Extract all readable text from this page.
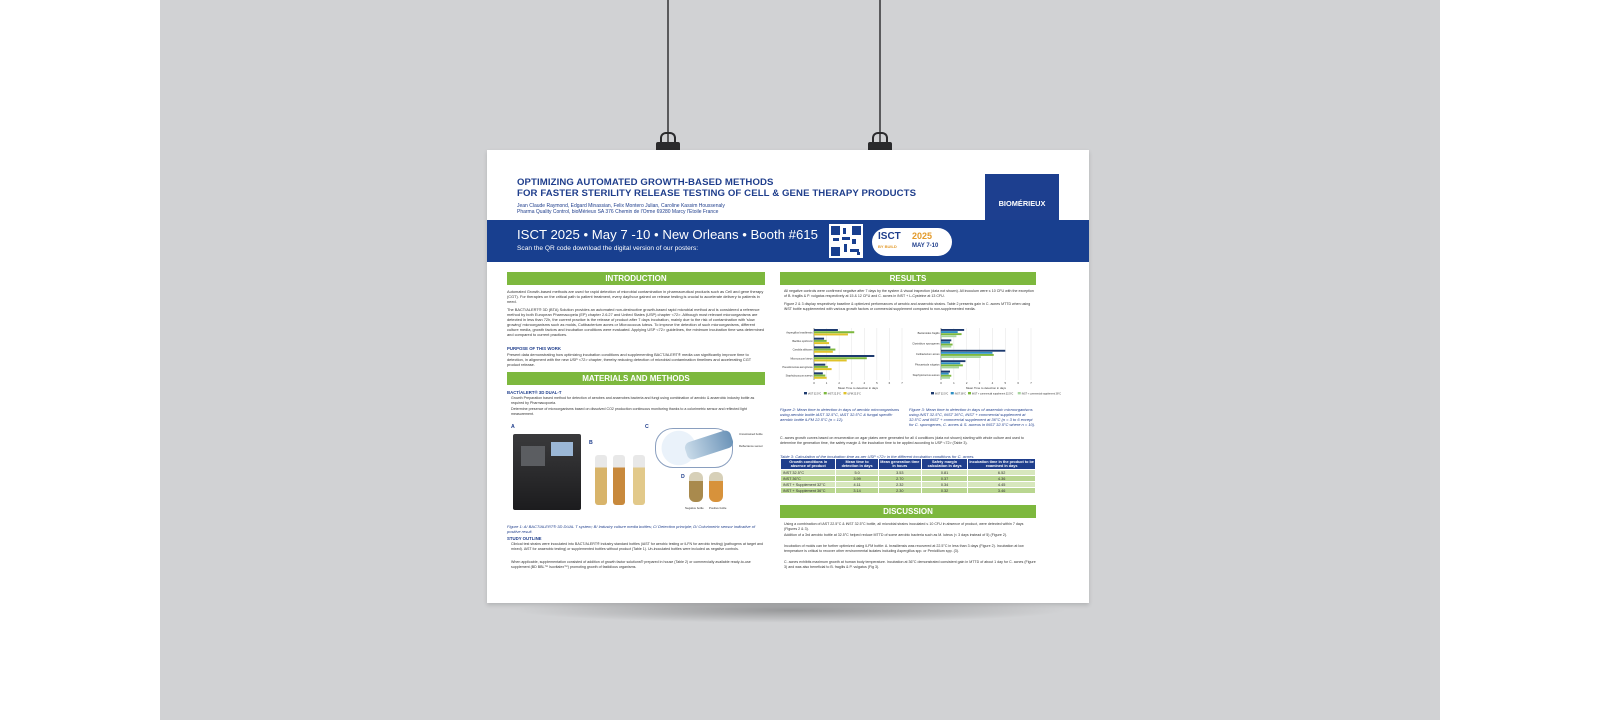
OPTIMIZING AUTOMATED GROWTH-BASED METHODS
FOR FASTER STERILITY RELEASE TESTING OF CELL & GENE THERAPY PRODUCTS
Jean Claude Raymond, Edgard Minassian, Felix Montero Julian, Caroline Kassim Houssenaly
Pharma Quality Control, bioMérieux SA 376 Chemin de l'Orme 69280 Marcy l'Etoile France
BIOMÉRIEUX
ISCT 2025 • May 7 -10 • New Orleans • Booth #615
Scan the QR code download the digital version of our posters:
ISCT
BY BUILD
2025
MAY 7-10
INTRODUCTION

Automated Growth-based methods are used for rapid detection of microbial contamination in pharmaceutical products such as Cell and gene therapy (CGT). For therapies on the critical path to patient treatment, every day/hour gained on release testing is crucial to accelerate delivery to patients in need.

The BACT/ALERT® 3D (BTA) Solution provides an automated non-destructive growth-based rapid microbial method and is considered a reference method by both European Pharmacopeia (EP) chapter 2.6.27 and United States (USP) chapter <72>. Although most relevant microorganisms are detected in less than 72h, the current practice is the release of product after 7 days incubation, mainly due to the risk of contamination with 'slow growing' microorganisms such as molds, Cutibacterium acnes or Micrococcus luteus. To improve the detection of such microorganisms, different culture media, growth factors and incubation conditions were evaluated. Applying USP <72> guidelines, the minimum incubation time was determined and compared to current practices.

PURPOSE OF THIS WORK

Present data demonstrating how optimizing incubation conditions and supplementing BACT/ALERT® media can significantly improve time to detection, in alignment with the new USP <72> chapter, thereby reducing detection of microbial contamination timelines and accelerating CGT product release.

MATERIALS AND METHODS
BACT/ALERT® 3D DUAL-T

Growth Preparation based method for detection of aerobes and anaerobes bacteria and fungi using combination of aerobic & anaerobic industry bottle as required by Pharmacopoeia.

Determine presence of microorganisms based on dissolved CO2 production continuous monitoring thanks to a colorimetric sensor and reflected light measurement.

A
B
C
Unrestrained bottle
Reflectance sensor
D
Negative bottle Positive bottle

Figure 1: A/ BACT/ALERT® 3D DUAL T system; B/ Industry culture media bottles; C/ Detection principle; D/ Colorimetric sensor indicative of positive result.

STUDY OUTLINE

Clinical test strains were inoculated into BACT/ALERT® industry standard bottles (iAST for aerobic testing or iLFN for aerobic testing) (pathogens at target and mixed). iAST for anaerobic testing) or supplemented bottles without product (Table 1). Un-inoculated bottles were included as negative controls.

When applicable, supplementation consisted of addition of growth factor solutions® prepared in house (Table 2) or commercially available ready-to-use supplement (BD BBL™ Isovitalex™) promoting growth of fastidious organisms.

RESULTS

All negative controls were confirmed negative after 7 days by the system & visual inspection (data not shown). All inoculum were ≤ 10 CFU with the exception of B. fragilis & P. vulgatus respectively at 15 & 12 CFU and C. acnes in iNST + L-Cysteine at 13 CFU.

Figure 2 & 3 display respectively baseline & optimized performances of aerobic and anaerobic strains. Table 2 presents gain in C. acnes MTTD when using iNST bottle supplemented with various growth factors or commercial supplement compared to non-supplemented media.

0	1	2	3	4	5	6	7
Aspergillus brasiliensis
Bacillus spizizenii
Candida albicans
Micrococcus luteus
Pseudomonas aeruginosa
Staphylococcus aureus
Mean Time to detection in days
iAST 32.5°C	iAST 22.5°C	iLFM 22.5°C
0	1	2	3	4	5	6	7
Bacteroides fragilis
Clostridium sporogenes
Cutibacterium acnes
Phocaeicola vulgatus
Staphylococcus aureus
Mean Time to detection in days
iNST 32.5°C	iNST 36°C iNST + commercial supplement 32.5°C	iNST + commercial supplement 36°C

Figure 2: Mean time to detection in days of aerobic microorganisms using aerobic bottle iAST 32.5°C, iAST 32.5°C & fungal specific aerobic bottle iLFM 22.5°C (n = 12).

Figure 3: Mean time to detection in days of anaerobic microorganisms using iNST 32.5°C, iNST 36°C, iNST + commercial supplement at 32.5°C and iNST + commercial supplement at 36°C (n = 3 to 6 except for C. sporogenes, C. acnes & S. aureus in iNST 32.5°C where n = 10).

C. acnes growth curves based on enumeration on agar plates were generated for all 4 conditions (data not shown) starting with whole culture and used to determine the generation time, the safety margin & the incubation time to be applied according to USP <72> (Table 3).

Table 3: Calculation of the incubation time as per USP <72> in the different incubation conditions for C. acnes.

Growth conditions in absence of product	Mean time to detection in days	Mean generation time in hours	Safety margin calculation in days	Incubation time in the product to be examined in days
iNST 32.5°C	5.0	3.53	0.81	6.52
iNST 36°C	3.99	2.70	0.37	4.36
iNST + Supplement 32°C	4.11	2.32	0.34	4.45
iNST + Supplement 36°C	3.14	2.30	0.32	3.46
DISCUSSION

Using a combination of iAST 22.5°C & iNST 32.5°C bottle, all microbial strains inoculated ≤ 10 CFU in absence of product, were detected within 7 days (Figures 2 & 3).

Addition of a 3rd aerobic bottle at 32.5°C helped reduce MTTD of some aerobic bacteria such as M. luteus (< 3 days instead of 5) (Figure 2).

Incubation of molds can be further optimized using iLFM bottle: A. brasiliensis was recovered at 22.5°C in less than 3 days (Figure 2). Incubation at low temperature is critical to recover other environmental isolates including Aspergillus spp. or Penicillium spp. (3).

C. acnes exhibits maximum growth at human body temperature. Incubation at 36°C demonstrated consistent gain in MTTD of about 1 day for C. acnes (Figure 3) and was also beneficial to B. fragilis & P. vulgatus (Fig 3).
